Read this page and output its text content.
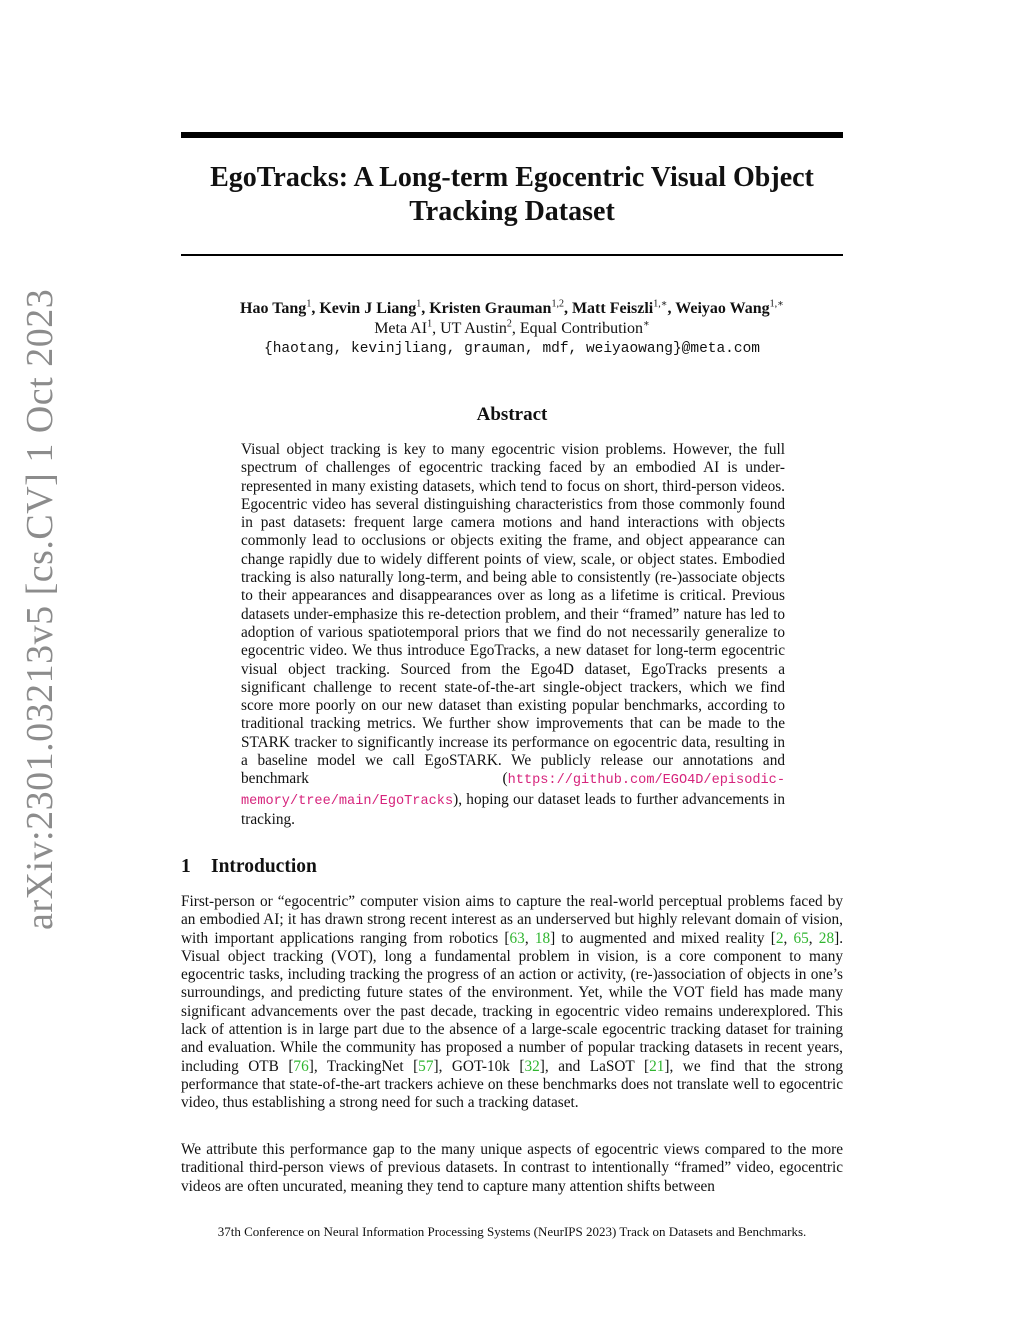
arXiv:2301.03213v5 [cs.CV] 1 Oct 2023
EgoTracks: A Long-term Egocentric Visual Object
Tracking Dataset
Hao Tang$^1$, Kevin J Liang$^1$, Kristen Grauman$^{1,2}$, Matt Feiszli$^{1,∗}$, Weiyao Wang$^{1,∗}$
Meta $AI^1$, UT Austin$^2$, Equal Contribution∗
{haotang, kevinjliang, grauman, mdf, weiyaowang}@meta.com
Abstract

Visual object tracking is key to many egocentric vision problems. However, the full spectrum of challenges of egocentric tracking faced by an embodied AI is under-represented in many existing datasets, which tend to focus on short, third-person videos. Egocentric video has several distinguishing characteristics from those commonly found in past datasets: frequent large camera motions and hand interactions with objects commonly lead to occlusions or objects exiting the frame, and object appearance can change rapidly due to widely different points of view, scale, or object states. Embodied tracking is also naturally long-term, and being able to consistently (re-)associate objects to their appearances and disappearances over as long as a lifetime is critical. Previous datasets under-emphasize this re-detection problem, and their “framed” nature has led to adoption of various spatiotemporal priors that we find do not necessarily generalize to egocentric video. We thus introduce EgoTracks, a new dataset for long-term egocentric visual object tracking. Sourced from the Ego4D dataset, EgoTracks presents a significant challenge to recent state-of-the-art single-object trackers, which we find score more poorly on our new dataset than existing popular benchmarks, according to traditional tracking metrics. We further show improvements that can be made to the STARK tracker to significantly increase its performance on egocentric data, resulting in a baseline model we call EgoSTARK. We publicly release our annotations and benchmark (https://github.com/EGO4D/episodic-memory/tree/main/EgoTracks), hoping our dataset leads to further advancements in tracking.

1 Introduction

First-person or “egocentric” computer vision aims to capture the real-world perceptual problems faced by an embodied AI; it has drawn strong recent interest as an underserved but highly relevant domain of vision, with important applications ranging from robotics [63, 18] to augmented and mixed reality [2, 65, 28]. Visual object tracking (VOT), long a fundamental problem in vision, is a core component to many egocentric tasks, including tracking the progress of an action or activity, (re-)association of objects in one’s surroundings, and predicting future states of the environment. Yet, while the VOT field has made many significant advancements over the past decade, tracking in egocentric video remains underexplored. This lack of attention is in large part due to the absence of a large-scale egocentric tracking dataset for training and evaluation. While the community has proposed a number of popular tracking datasets in recent years, including OTB [76], TrackingNet [57], GOT-10k [32], and LaSOT [21], we find that the strong performance that state-of-the-art trackers achieve on these benchmarks does not translate well to egocentric video, thus establishing a strong need for such a tracking dataset.

We attribute this performance gap to the many unique aspects of egocentric views compared to the more traditional third-person views of previous datasets. In contrast to intentionally “framed” video, egocentric videos are often uncurated, meaning they tend to capture many attention shifts between

37th Conference on Neural Information Processing Systems (NeurIPS 2023) Track on Datasets and Benchmarks.
